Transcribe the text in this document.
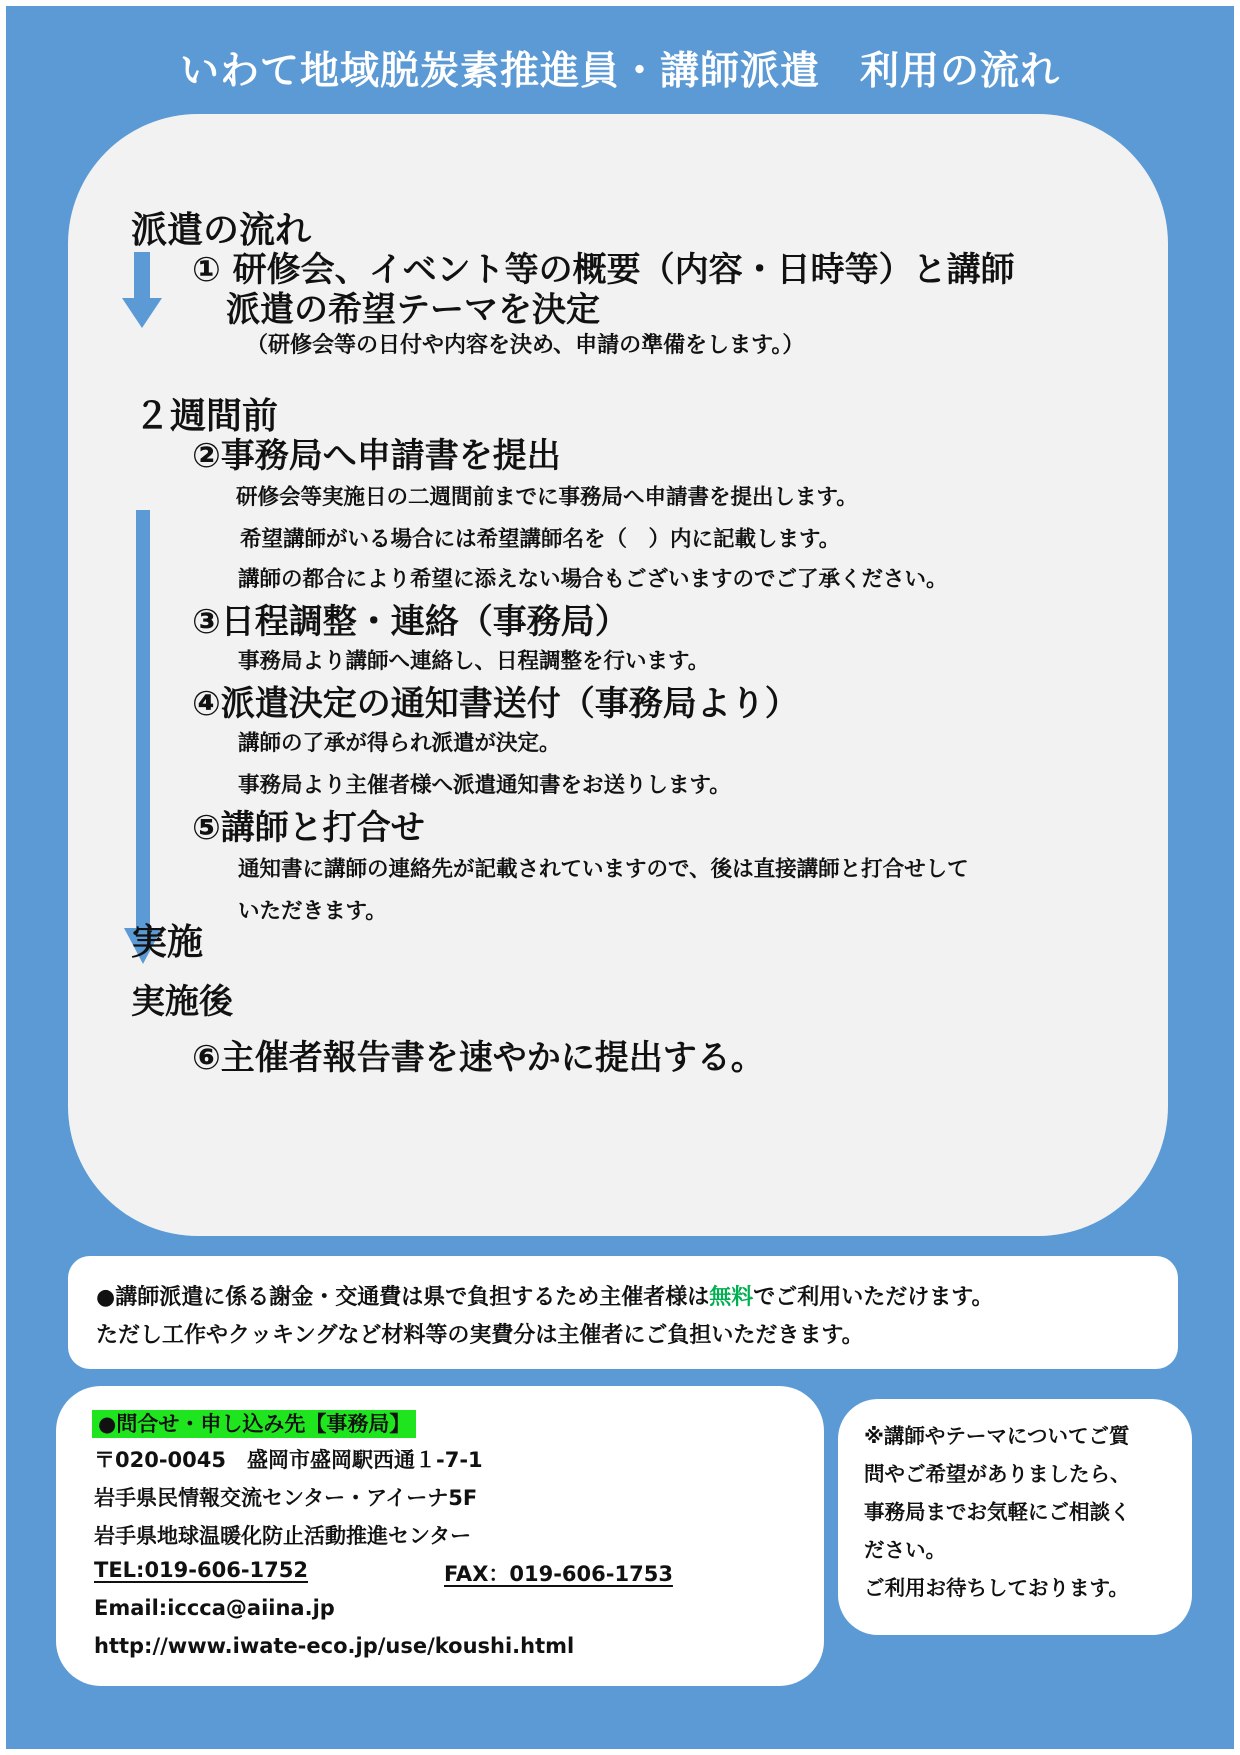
いわて地域脱炭素推進員・講師派遣　利用の流れ
派遣の流れ
① 研修会、イベント等の概要（内容・日時等）と講師
派遣の希望テーマを決定
（研修会等の日付や内容を決め、申請の準備をします。）
２週間前
②事務局へ申請書を提出
研修会等実施日の二週間前までに事務局へ申請書を提出します。
希望講師がいる場合には希望講師名を（　）内に記載します。
講師の都合により希望に添えない場合もございますのでご了承ください。
③日程調整・連絡（事務局）
事務局より講師へ連絡し、日程調整を行います。
④派遣決定の通知書送付（事務局より）
講師の了承が得られ派遣が決定。
事務局より主催者様へ派遣通知書をお送りします。
⑤講師と打合せ
通知書に講師の連絡先が記載されていますので、後は直接講師と打合せして
いただきます。
実施
実施後
⑥主催者報告書を速やかに提出する。
●講師派遣に係る謝金・交通費は県で負担するため主催者様は無料でご利用いただけます。
ただし工作やクッキングなど材料等の実費分は主催者にご負担いただきます。
●問合せ・申し込み先【事務局】
〒020-0045　盛岡市盛岡駅西通１-7-1
岩手県民情報交流センター・アイーナ5F
岩手県地球温暖化防止活動推進センター
TEL:019-606-1752	FAX：019-606-1753
Email:iccca@aiina.jp
http://www.iwate-eco.jp/use/koushi.html
※講師やテーマについてご質
問やご希望がありましたら、
事務局までお気軽にご相談く
ださい。
ご利用お待ちしております。
